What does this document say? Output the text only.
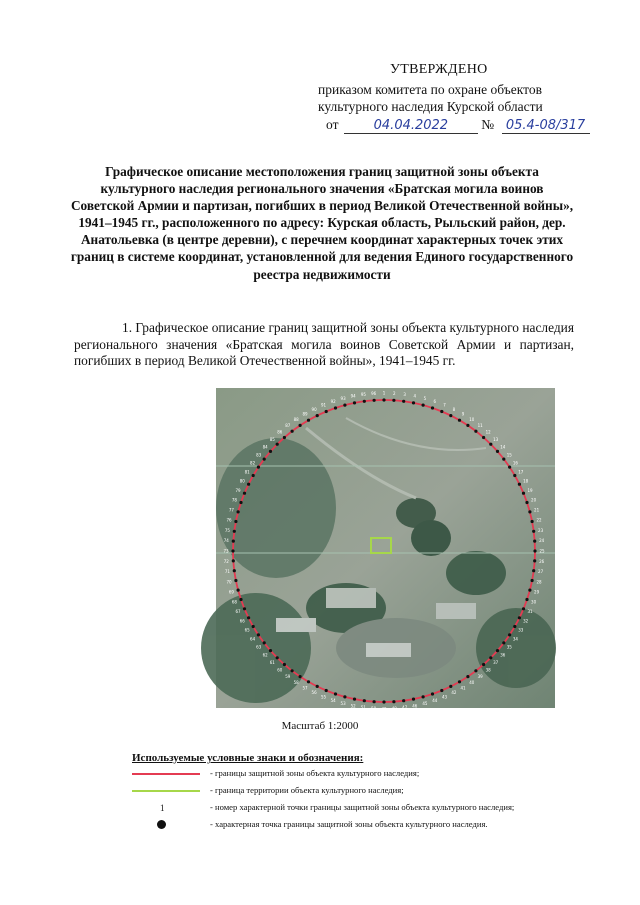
УТВЕРЖДЕНО
приказом комитета по охране объектов
культурного наследия Курской области
от	04.04.2022 № 05.4-08/317
Графическое описание местоположения границ защитной зоны объекта культурного наследия регионального значения «Братская могила воинов Советской Армии и партизан, погибших в период Великой Отечественной войны», 1941–1945 гг., расположенного по адресу: Курская область, Рыльский район, дер. Анатольевка (в центре деревни), с перечнем координат характерных точек этих границ в системе координат, установленной для ведения Единого государственного реестра недвижимости
1. Графическое описание границ защитной зоны объекта культурного наследия регионального значения «Братская могила воинов Советской Армии и партизан, погибших в период Великой Отечественной войны», 1941–1945 гг.
1 2 3 4 5
6
7
8
9
10
11
12
13
14
15
16
17
18
19
20
21
22
23
24
25
26
27
28
29
30
31
32
33
34
35
36
37
38
39
40
41
42
43
44
45
46
47
48
49
50
51
52
53
54
55
56
57
58
59
60
61
62
63
64
65
66
67
68
69
70
71
72
73
74
75
76
77
78
79
80
81
82
83
84
85
86
87
88
89
90
91
92
93 94 95 96
Масштаб 1:2000
Используемые условные знаки и обозначения:
- границы защитной зоны объекта культурного наследия;
- граница территории объекта культурного наследия;
1	- номер характерной точки границы защитной зоны объекта культурного наследия;
- характерная точка границы защитной зоны объекта культурного наследия.
